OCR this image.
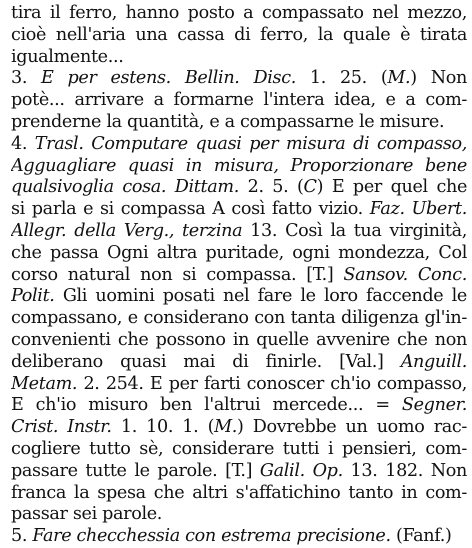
tira il ferro, hanno posto a compassato nel mezzo,
cioè nell'aria una cassa di ferro, la quale è tirata
igualmente...
3. E per estens. Bellin. Disc. 1. 25. (M.) Non
potè... arrivare a formarne l'intera idea, e a com-
prenderne la quantità, e a compassarne le misure.
4. Trasl. Computare quasi per misura di compasso,
Agguagliare quasi in misura, Proporzionare bene
qualsivoglia cosa. Dittam. 2. 5. (C) E per quel che
si parla e si compassa A così fatto vizio. Faz. Ubert.
Allegr. della Verg., terzina 13. Così la tua virginità,
che passa Ogni altra puritade, ogni mondezza, Col
corso natural non si compassa. [T.] Sansov. Conc.
Polit. Gli uomini posati nel fare le loro faccende le
compassano, e considerano con tanta diligenza gl'in-
convenienti che possono in quelle avvenire che non
deliberano quasi mai di finirle. [Val.] Anguill.
Metam. 2. 254. E per farti conoscer ch'io compasso,
E ch'io misuro ben l'altrui mercede... = Segner.
Crist. Instr. 1. 10. 1. (M.) Dovrebbe un uomo rac-
cogliere tutto sè, considerare tutti i pensieri, com-
passare tutte le parole. [T.] Galil. Op. 13. 182. Non
franca la spesa che altri s'affatichino tanto in com-
passar sei parole.
5. Fare checchessia con estrema precisione. (Fanf.)
